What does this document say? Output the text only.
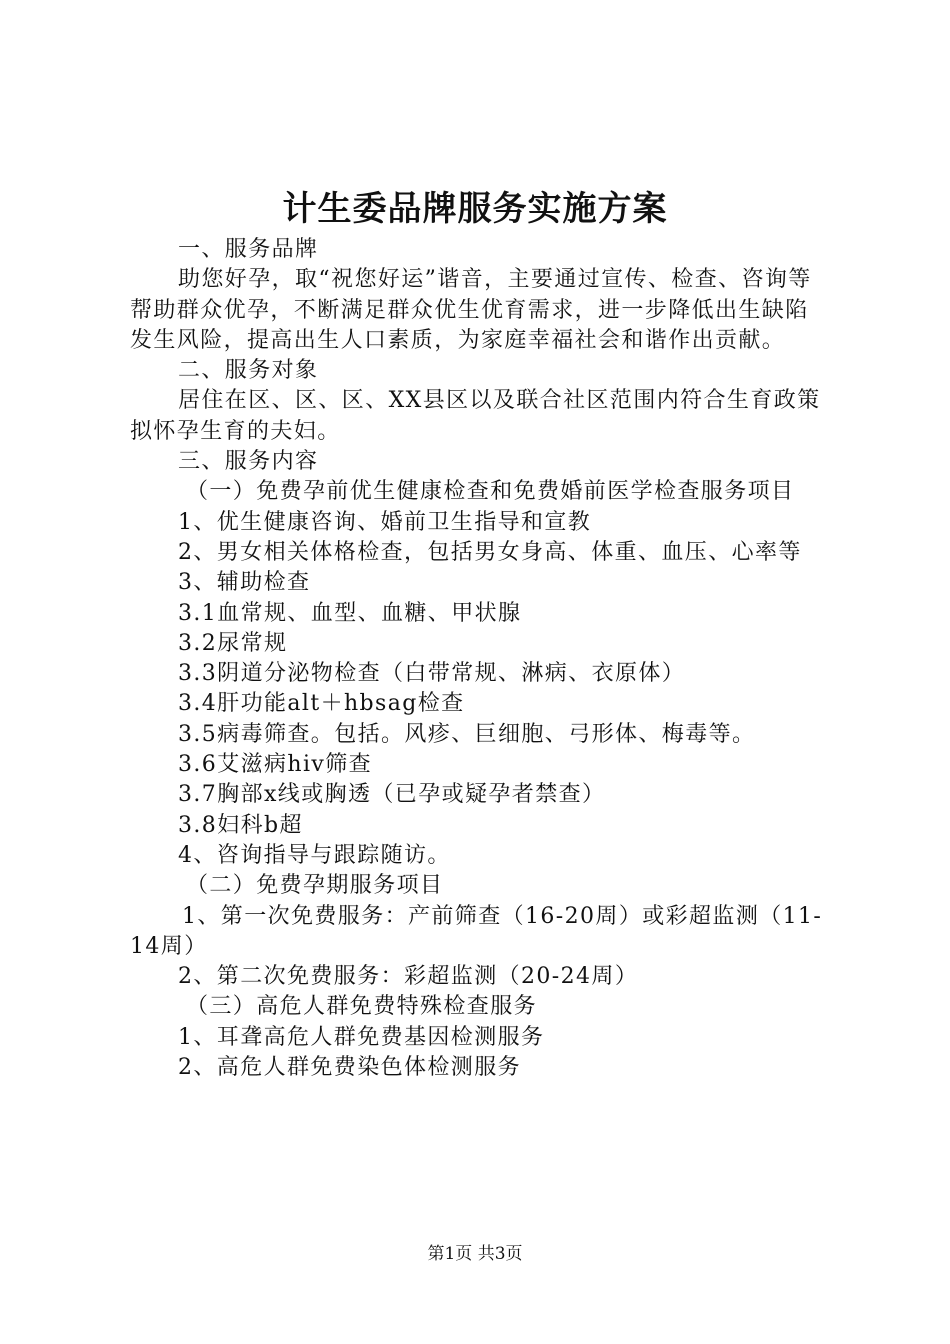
计生委品牌服务实施方案

一、服务品牌

助您好孕，取“祝您好运”谐音，主要通过宣传、检查、咨询等帮助群众优孕，不断满足群众优生优育需求，进一步降低出生缺陷发生风险，提高出生人口素质，为家庭幸福社会和谐作出贡献。

二、服务对象

居住在区、区、区、XX县区以及联合社区范围内符合生育政策拟怀孕生育的夫妇。

三、服务内容

（一）免费孕前优生健康检查和免费婚前医学检查服务项目

1、优生健康咨询、婚前卫生指导和宣教

2、男女相关体格检查，包括男女身高、体重、血压、心率等

3、辅助检查

3.1血常规、血型、血糖、甲状腺

3.2尿常规

3.3阴道分泌物检查（白带常规、淋病、衣原体）

3.4肝功能alt＋hbsag检查

3.5病毒筛查。包括。风疹、巨细胞、弓形体、梅毒等。

3.6艾滋病hiv筛查

3.7胸部x线或胸透（已孕或疑孕者禁查）

3.8妇科b超

4、咨询指导与跟踪随访。

（二）免费孕期服务项目

1、第一次免费服务：产前筛查（16-20周）或彩超监测（11-14周）

2、第二次免费服务：彩超监测（20-24周）

（三）高危人群免费特殊检查服务

1、耳聋高危人群免费基因检测服务

2、高危人群免费染色体检测服务

第1页 共3页
